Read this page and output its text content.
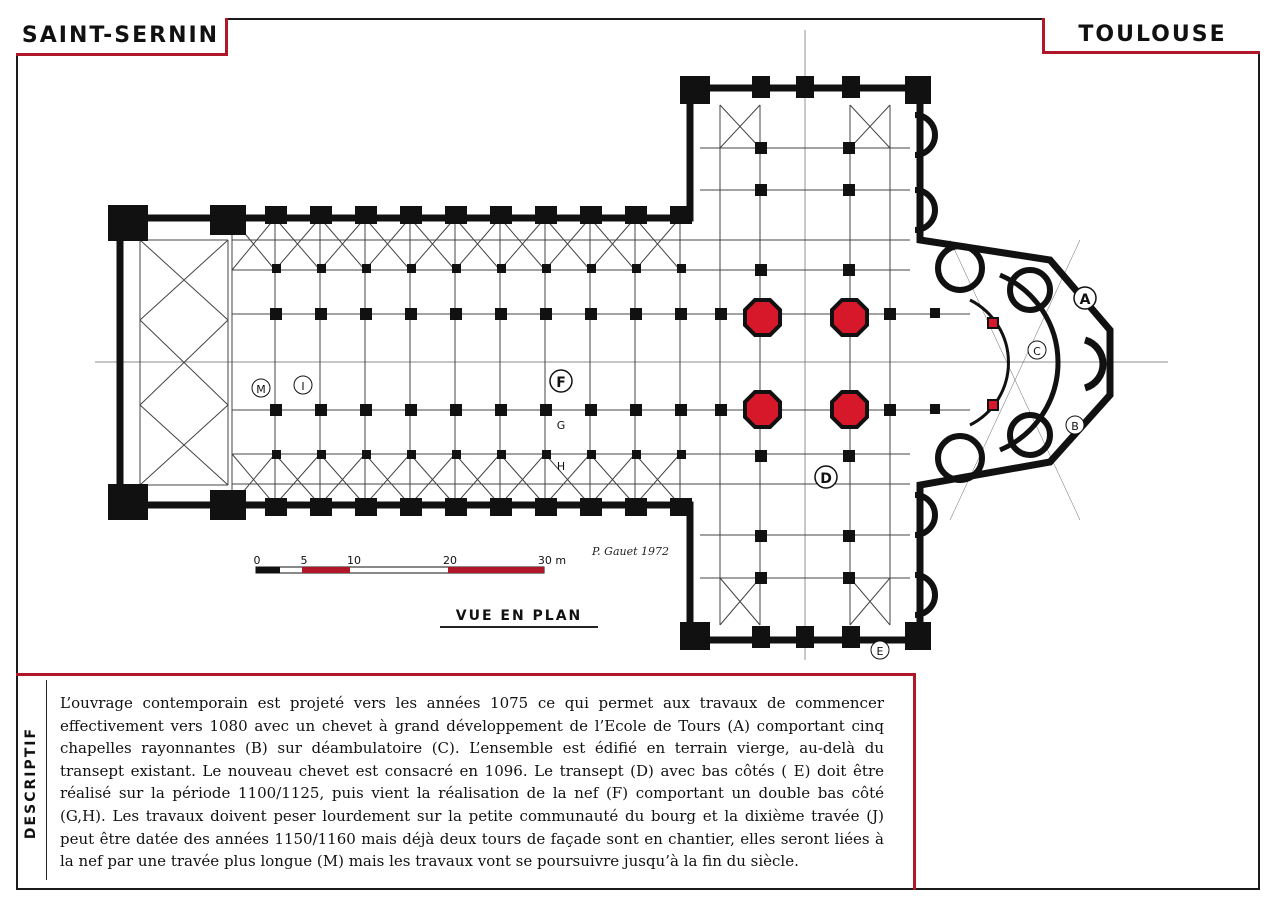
SAINT-SERNIN	TOULOUSE
A
B
C
D
E
F
G
H
I
M
0	5	10	20	30 m
P. Gauet 1972
VUE EN PLAN
DESCRIPTIF

L’ouvrage contemporain est projeté vers les années 1075 ce qui permet aux travaux de commencer effectivement vers 1080 avec un chevet à grand développement de l’Ecole de Tours (A) comportant cinq chapelles rayonnantes (B) sur déambulatoire (C). L’ensemble est édifié en terrain vierge, au-delà du transept existant. Le nouveau chevet est consacré en 1096. Le transept (D) avec bas côtés ( E) doit être réalisé sur la période 1100/1125, puis vient la réalisation de la nef (F) comportant un double bas côté (G,H). Les travaux doivent peser lourdement sur la petite communauté du bourg et la dixième travée (J) peut être datée des années 1150/1160 mais déjà deux tours de façade sont en chantier, elles seront liées à la nef par une travée plus longue (M) mais les travaux vont se poursuivre jusqu’à la fin du siècle.
